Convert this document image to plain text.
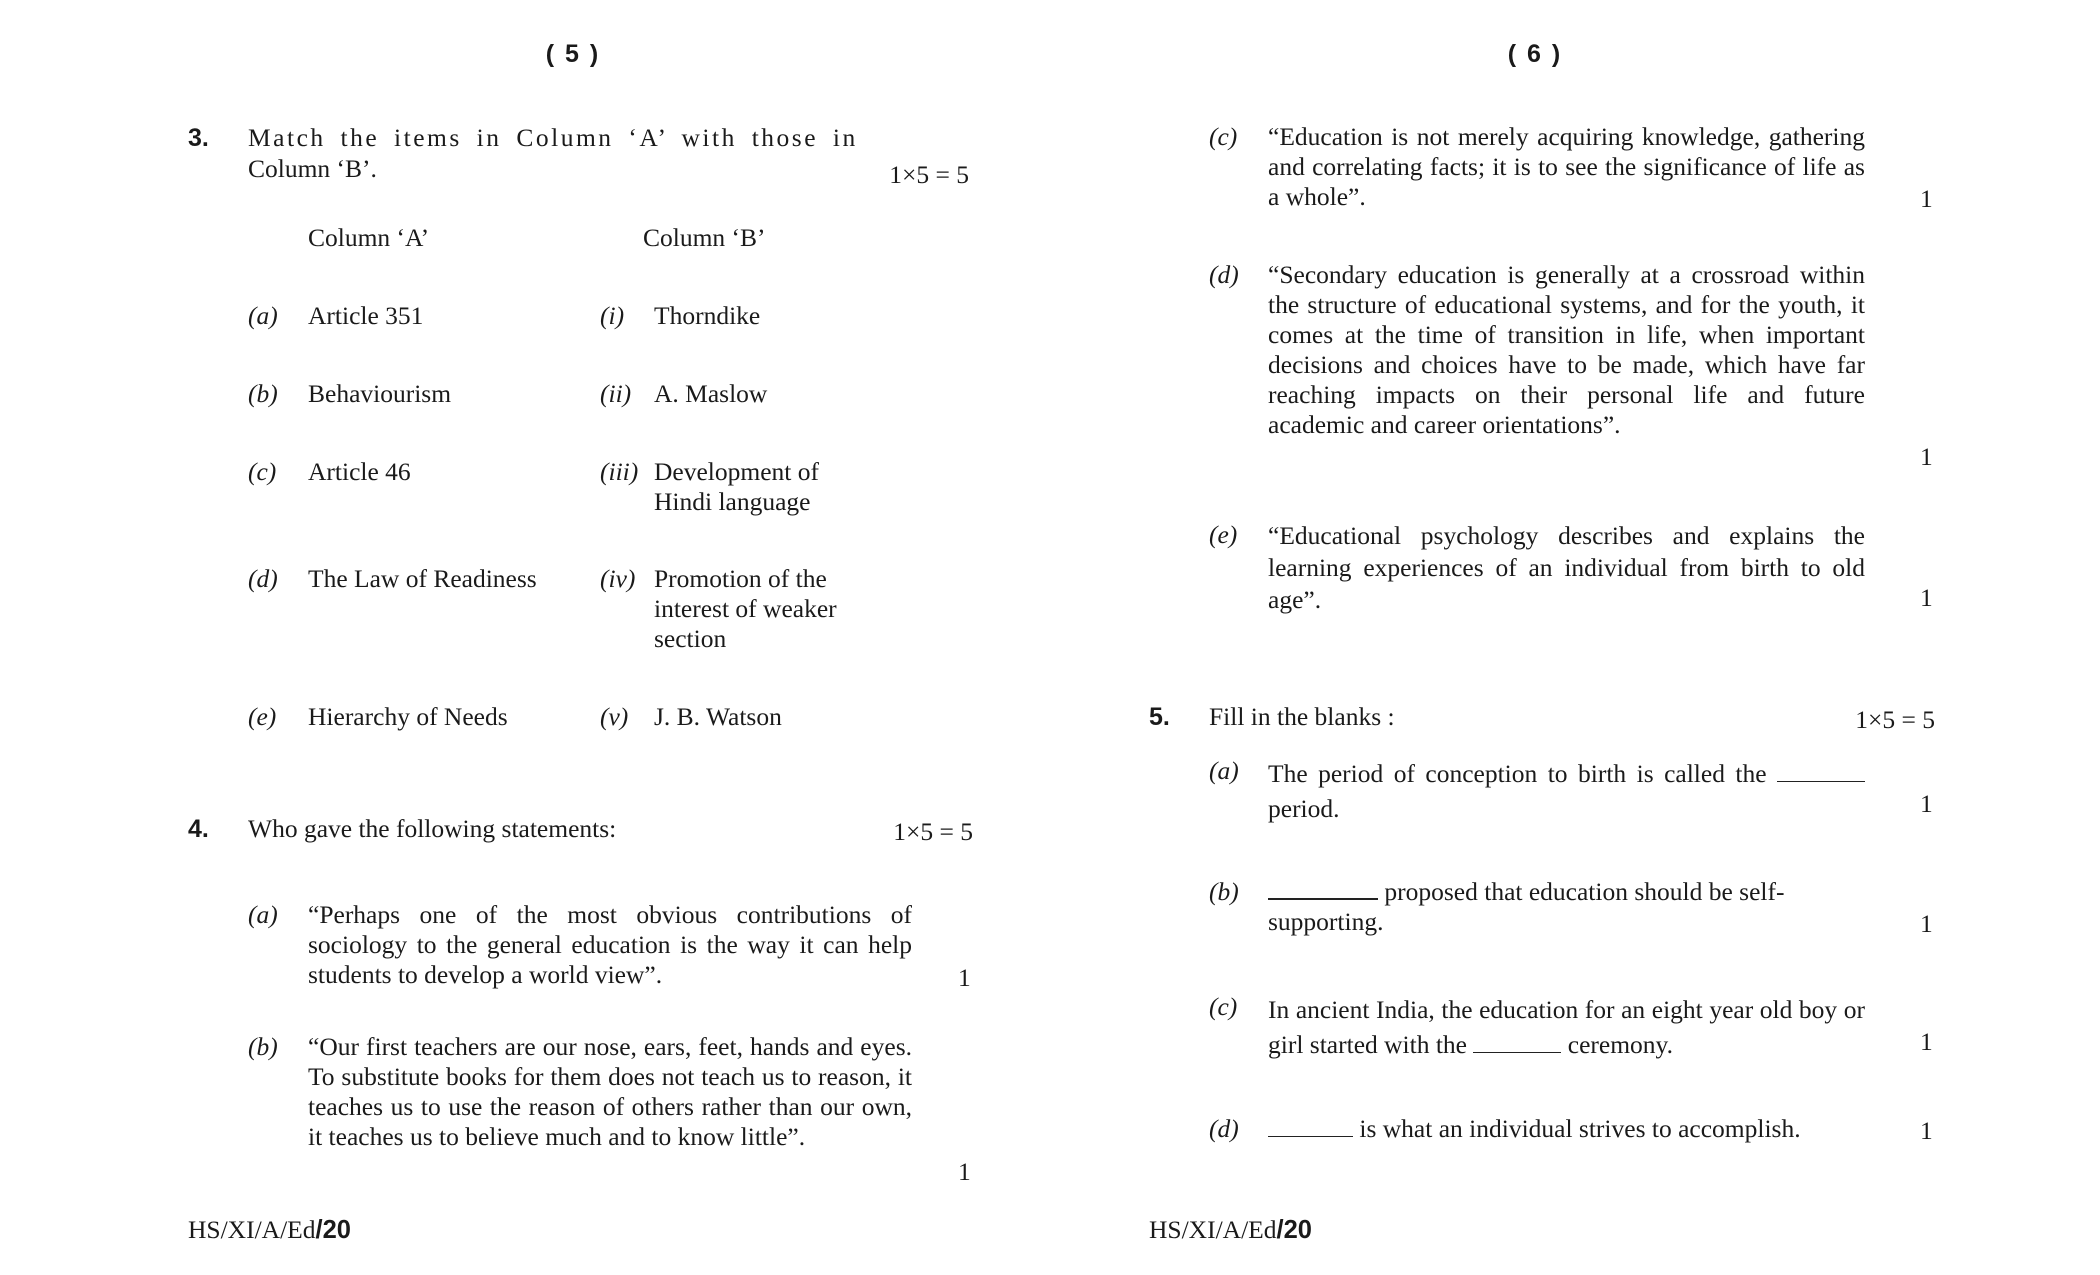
( 5 )
3. Match the items in Column ‘A’ with those in
Column ‘B’.	1×5 = 5
Column ‘A’	Column ‘B’
(a) Article 351	(i) Thorndike
(b) Behaviourism	(ii) A. Maslow
(c) Article 46	(iii) Development of Hindi language
(d) The Law of Readiness (iv) Promotion of the interest of weaker section
(e) Hierarchy of Needs	(v) J. B. Watson
4. Who gave the following statements:	1×5 = 5
(a) “Perhaps one of the most obvious contributions of sociology to the general education is the way it can help students to develop a world view”.	1
(b) “Our first teachers are our nose, ears, feet, hands and eyes. To substitute books for them does not teach us to reason, it teaches us to use the reason of others rather than our own, it teaches us to believe much and to know little”.
1
HS/XI/A/Ed/20
( 6 )
(c) “Education is not merely acquiring knowledge, gathering and correlating facts; it is to see the significance of life as a whole”.	1
(d) “Secondary education is generally at a crossroad within the structure of educational systems, and for the youth, it comes at the time of transition in life, when important decisions and choices have to be made, which have far reaching impacts on their personal life and future academic and career orientations”.
1
(e) “Educational psychology describes and explains the learning experiences of an individual from birth to old age”.	1
5. Fill in the blanks :	1×5 = 5
(a) The period of conception to birth is called the  period.	1
(b)	proposed that education should be self-supporting.	1
(c) In ancient India, the education for an eight year old boy or girl started with the	ceremony.	1
(d)	is what an individual strives to accomplish.	1
HS/XI/A/Ed/20
